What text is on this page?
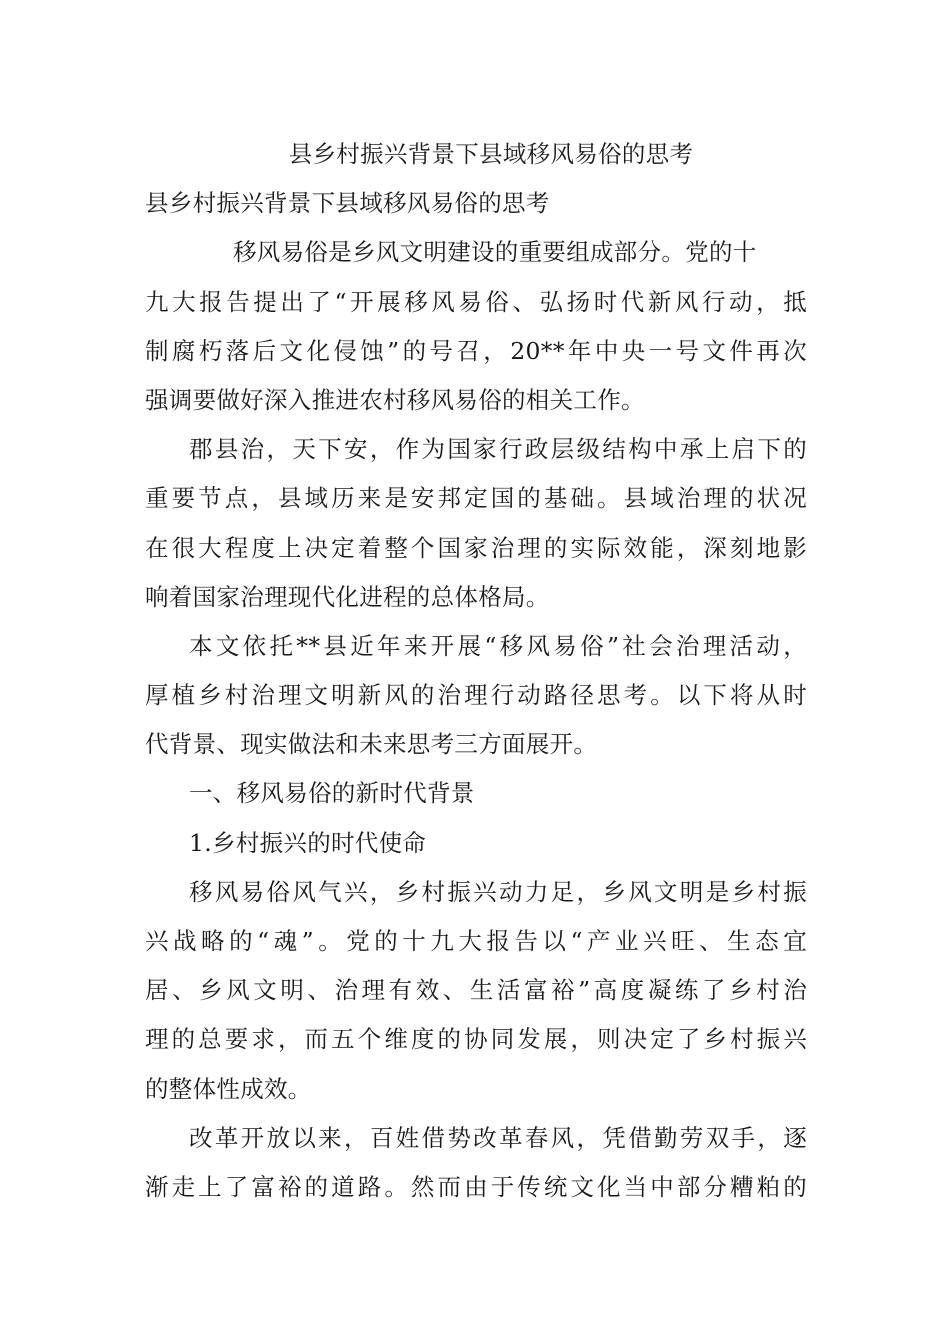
县乡村振兴背景下县域移风易俗的思考
县乡村振兴背景下县域移风易俗的思考
移风易俗是乡风文明建设的重要组成部分。党的十
九大报告提出了“开展移风易俗、弘扬时代新风行动，抵
制腐朽落后文化侵蚀”的号召，20**年中央一号文件再次
强调要做好深入推进农村移风易俗的相关工作。
郡县治，天下安，作为国家行政层级结构中承上启下的
重要节点，县域历来是安邦定国的基础。县域治理的状况
在很大程度上决定着整个国家治理的实际效能，深刻地影
响着国家治理现代化进程的总体格局。
本文依托**县近年来开展“移风易俗”社会治理活动，
厚植乡村治理文明新风的治理行动路径思考。以下将从时
代背景、现实做法和未来思考三方面展开。
一、移风易俗的新时代背景
1.乡村振兴的时代使命
移风易俗风气兴，乡村振兴动力足，乡风文明是乡村振
兴战略的“魂”。党的十九大报告以“产业兴旺、生态宜
居、乡风文明、治理有效、生活富裕”高度凝练了乡村治
理的总要求，而五个维度的协同发展，则决定了乡村振兴
的整体性成效。
改革开放以来，百姓借势改革春风，凭借勤劳双手，逐
渐走上了富裕的道路。然而由于传统文化当中部分糟粕的
